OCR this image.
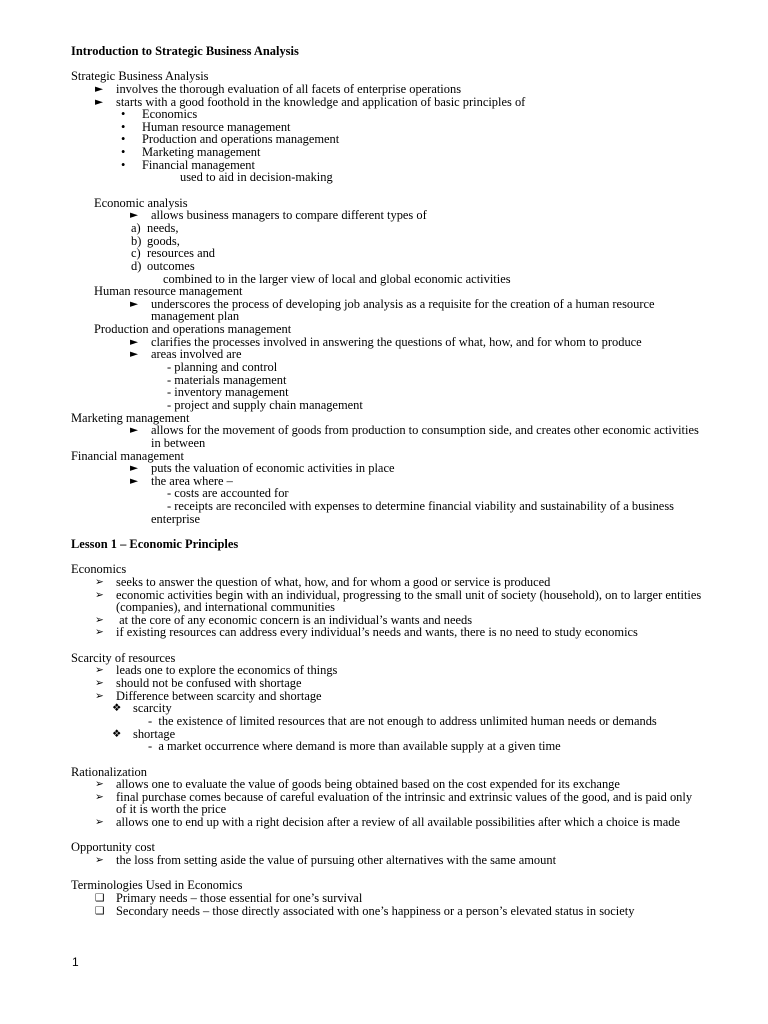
Introduction to Strategic Business Analysis
Strategic Business Analysis
► involves the thorough evaluation of all facets of enterprise operations
► starts with a good foothold in the knowledge and application of basic principles of
• Economics
• Human resource management
• Production and operations management
• Marketing management
• Financial management
used to aid in decision-making
Economic analysis
► allows business managers to compare different types of
a) needs,
b) goods,
c) resources and
d) outcomes
combined to in the larger view of local and global economic activities
Human resource management
► underscores the process of developing job analysis as a requisite for the creation of a human resource
management plan
Production and operations management
► clarifies the processes involved in answering the questions of what, how, and for whom to produce
► areas involved are
- planning and control
- materials management
- inventory management
- project and supply chain management
Marketing management
► allows for the movement of goods from production to consumption side, and creates other economic activities
in between
Financial management
► puts the valuation of economic activities in place
► the area where –
- costs are accounted for
- receipts are reconciled with expenses to determine financial viability and sustainability of a business
enterprise
Lesson 1 – Economic Principles
Economics
➢ seeks to answer the question of what, how, and for whom a good or service is produced
➢ economic activities begin with an individual, progressing to the small unit of society (household), on to larger entities
(companies), and international communities
➢ at the core of any economic concern is an individual’s wants and needs
➢ if existing resources can address every individual’s needs and wants, there is no need to study economics
Scarcity of resources
➢ leads one to explore the economics of things
➢ should not be confused with shortage
➢ Difference between scarcity and shortage
❖ scarcity
-  the existence of limited resources that are not enough to address unlimited human needs or demands
❖ shortage
-  a market occurrence where demand is more than available supply at a given time
Rationalization
➢ allows one to evaluate the value of goods being obtained based on the cost expended for its exchange
➢ final purchase comes because of careful evaluation of the intrinsic and extrinsic values of the good, and is paid only
of it is worth the price
➢ allows one to end up with a right decision after a review of all available possibilities after which a choice is made
Opportunity cost
➢ the loss from setting aside the value of pursuing other alternatives with the same amount
Terminologies Used in Economics
❑ Primary needs – those essential for one’s survival
❑ Secondary needs – those directly associated with one’s happiness or a person’s elevated status in society
1
